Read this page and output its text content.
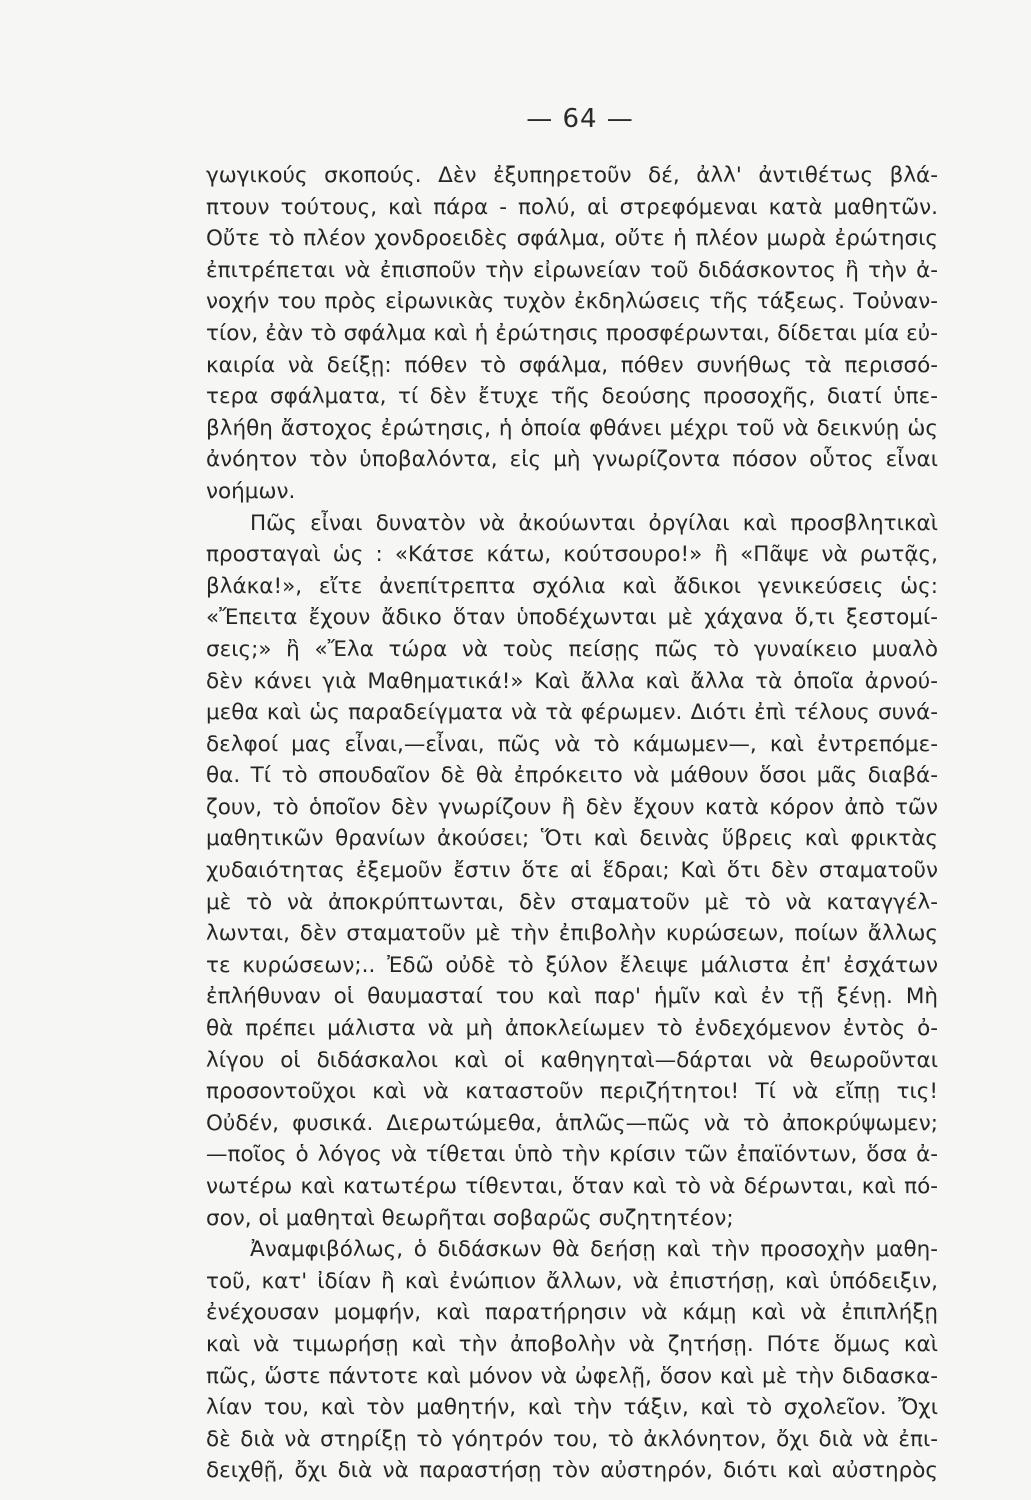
— 64 —
γωγικούς σκοπούς. Δὲν ἐξυπηρετοῦν δέ, ἀλλ' ἀντιθέτως βλά-
πτουν τούτους, καὶ πάρα - πολύ, αἱ στρεφόμεναι κατὰ μαθητῶν.
Οὔτε τὸ πλέον χονδροειδὲς σφάλμα, οὔτε ἡ πλέον μωρὰ ἐρώτησις
ἐπιτρέπεται νὰ ἐπισποῦν τὴν εἰρωνείαν τοῦ διδάσκοντος ἢ τὴν ἀ-
νοχήν του πρὸς εἰρωνικὰς τυχὸν ἐκδηλώσεις τῆς τάξεως. Τοὐναν-
τίον, ἐὰν τὸ σφάλμα καὶ ἡ ἐρώτησις προσφέρωνται, δίδεται μία εὐ-
καιρία νὰ δείξῃ: πόθεν τὸ σφάλμα, πόθεν συνήθως τὰ περισσό-
τερα σφάλματα, τί δὲν ἔτυχε τῆς δεούσης προσοχῆς, διατί ὑπε-
βλήθη ἄστοχος ἐρώτησις, ἡ ὁποία φθάνει μέχρι τοῦ νὰ δεικνύῃ ὡς
ἀνόητον τὸν ὑποβαλόντα, εἰς μὴ γνωρίζοντα πόσον οὗτος εἶναι
νοήμων.
Πῶς εἶναι δυνατὸν νὰ ἀκούωνται ὀργίλαι καὶ προσβλητικαὶ
προσταγαὶ ὡς : «Κάτσε κάτω, κούτσουρο!» ἢ «Πᾶψε νὰ ρωτᾷς,
βλάκα!», εἴτε ἀνεπίτρεπτα σχόλια καὶ ἄδικοι γενικεύσεις ὡς:
«Ἔπειτα ἔχουν ἄδικο ὅταν ὑποδέχωνται μὲ χάχανα ὅ,τι ξεστομί-
σεις;» ἢ «Ἔλα τώρα νὰ τοὺς πείσῃς πῶς τὸ γυναίκειο μυαλὸ
δὲν κάνει γιὰ Μαθηματικά!» Καὶ ἄλλα καὶ ἄλλα τὰ ὁποῖα ἀρνού-
μεθα καὶ ὡς παραδείγματα νὰ τὰ φέρωμεν. Διότι ἐπὶ τέλους συνά-
δελφοί μας εἶναι,—εἶναι, πῶς νὰ τὸ κάμωμεν—, καὶ ἐντρεπόμε-
θα. Τί τὸ σπουδαῖον δὲ θὰ ἐπρόκειτο νὰ μάθουν ὅσοι μᾶς διαβά-
ζουν, τὸ ὁποῖον δὲν γνωρίζουν ἢ δὲν ἔχουν κατὰ κόρον ἀπὸ τῶν
μαθητικῶν θρανίων ἀκούσει; Ὅτι καὶ δεινὰς ὕβρεις καὶ φρικτὰς
χυδαιότητας ἐξεμοῦν ἔστιν ὅτε αἱ ἕδραι; Καὶ ὅτι δὲν σταματοῦν
μὲ τὸ νὰ ἀποκρύπτωνται, δὲν σταματοῦν μὲ τὸ νὰ καταγγέλ-
λωνται, δὲν σταματοῦν μὲ τὴν ἐπιβολὴν κυρώσεων, ποίων ἄλλως
τε κυρώσεων;.. Ἐδῶ οὐδὲ τὸ ξύλον ἔλειψε μάλιστα ἐπ' ἐσχάτων
ἐπλήθυναν οἱ θαυμασταί του καὶ παρ' ἡμῖν καὶ ἐν τῇ ξένῃ. Μὴ
θὰ πρέπει μάλιστα νὰ μὴ ἀποκλείωμεν τὸ ἐνδεχόμενον ἐντὸς ὀ-
λίγου οἱ διδάσκαλοι καὶ οἱ καθηγηταὶ—δάρται νὰ θεωροῦνται
προσοντοῦχοι καὶ νὰ καταστοῦν περιζήτητοι! Τί νὰ εἴπῃ τις!
Οὐδέν, φυσικά. Διερωτώμεθα, ἁπλῶς—πῶς νὰ τὸ ἀποκρύψωμεν;
—ποῖος ὁ λόγος νὰ τίθεται ὑπὸ τὴν κρίσιν τῶν ἐπαϊόντων, ὅσα ἀ-
νωτέρω καὶ κατωτέρω τίθενται, ὅταν καὶ τὸ νὰ δέρωνται, καὶ πό-
σον, οἱ μαθηταὶ θεωρῆται σοβαρῶς συζητητέον;
Ἀναμφιβόλως, ὁ διδάσκων θὰ δεήσῃ καὶ τὴν προσοχὴν μαθη-
τοῦ, κατ' ἰδίαν ἢ καὶ ἐνώπιον ἄλλων, νὰ ἐπιστήσῃ, καὶ ὑπόδειξιν,
ἐνέχουσαν μομφήν, καὶ παρατήρησιν νὰ κάμῃ καὶ νὰ ἐπιπλήξῃ
καὶ νὰ τιμωρήσῃ καὶ τὴν ἀποβολὴν νὰ ζητήσῃ. Πότε ὅμως καὶ
πῶς, ὥστε πάντοτε καὶ μόνον νὰ ὠφελῇ, ὅσον καὶ μὲ τὴν διδασκα-
λίαν του, καὶ τὸν μαθητήν, καὶ τὴν τάξιν, καὶ τὸ σχολεῖον. Ὄχι
δὲ διὰ νὰ στηρίξῃ τὸ γόητρόν του, τὸ ἀκλόνητον, ὄχι διὰ νὰ ἐπι-
δειχθῇ, ὄχι διὰ νὰ παραστήσῃ τὸν αὐστηρόν, διότι καὶ αὐστηρὸς
